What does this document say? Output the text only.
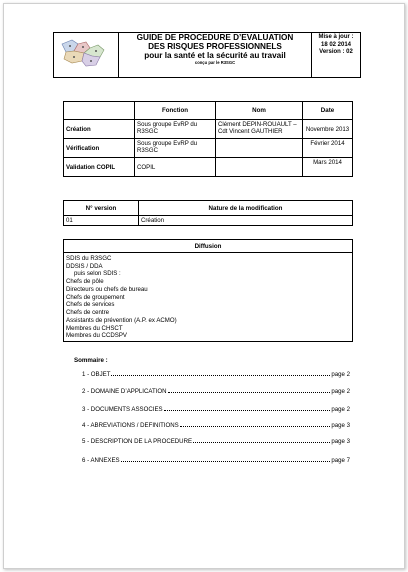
GUIDE DE PROCEDURE D’EVALUATION
DES RISQUES PROFESSIONNELS
pour la santé et la sécurité au travail
conçu par le R3SGC

Mise à jour :
18 02 2014
Version : 02
	Fonction	Nom	Date
Création	Sous groupe EvRP du R3SGC	Clément DEPIN-ROUAULT –Cdt Vincent GAUTHIER	Novembre 2013
Vérification	Sous groupe EvRP du R3SGC		Février 2014
Validation COPIL	COPIL		Mars 2014
N° version	Nature de la modification
01	Création
Diffusion

SDIS du R3SGC
DDSIS / DDA
puis selon SDIS :
Chefs de pôle
Directeurs ou chefs de bureau
Chefs de groupement
Chefs de services
Chefs de centre
Assistants de prévention (A.P. ex ACMO)
Membres du CHSCT
Membres du CCDSPV
Sommaire :
1 - OBJET	page 2
2 - DOMAINE D’APPLICATION	page 2
3 - DOCUMENTS ASSOCIES	page 2
4 - ABREVIATIONS / DEFINITIONS	page 3
5 - DESCRIPTION DE LA PROCEDURE	page 3
6 - ANNEXES	page 7
